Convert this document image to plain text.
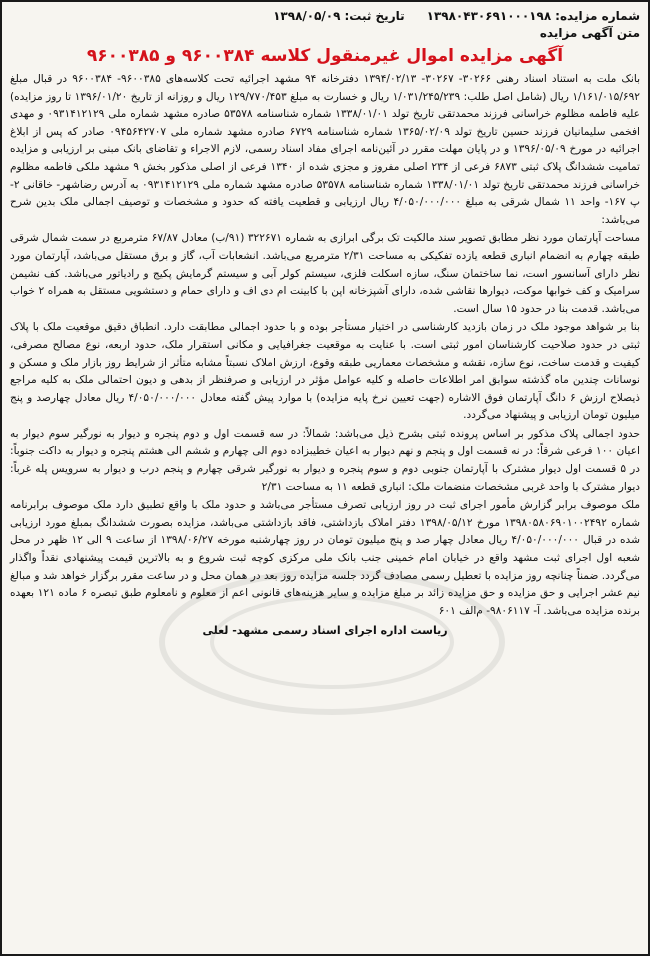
شماره مزایده:
۱۳۹۸۰۴۳۰۶۹۱۰۰۰۱۹۸
تاریخ ثبت:
۱۳۹۸/۰۵/۰۹
متن آگهی مزایده
آگهی مزایده اموال غیرمنقول کلاسه ۹۶۰۰۳۸۴ و ۹۶۰۰۳۸۵

بانک ملت به استناد اسناد رهنی ۳۰۲۶۶- ۳۰۲۶۷- ۱۳۹۴/۰۲/۱۳ دفترخانه ۹۴ مشهد اجرائیه تحت کلاسه‌های ۹۶۰۰۳۸۵- ۹۶۰۰۳۸۴ در قبال مبلغ ۱/۱۶۱/۰۱۵/۶۹۲ ریال (شامل اصل طلب: ۱/۰۳۱/۲۴۵/۲۳۹ ریال و خسارت به مبلغ ۱۲۹/۷۷۰/۴۵۳ ریال و روزانه از تاریخ ۱۳۹۶/۰۱/۲۰ تا روز مزایده) علیه فاطمه مظلوم خراسانی فرزند محمدتقی تاریخ تولد ۱۳۳۸/۰۱/۰۱ شماره شناسنامه ۵۳۵۷۸ صادره مشهد شماره ملی ۰۹۳۱۴۱۲۱۲۹ و مهدی افخمی سلیمانیان فرزند حسین تاریخ تولد ۱۳۶۵/۰۲/۰۹ شماره شناسنامه ۶۷۲۹ صادره مشهد شماره ملی ۰۹۴۵۶۴۲۷۰۷ صادر که پس از ابلاغ اجرائیه در مورخ ۱۳۹۶/۰۵/۰۹ و در پایان مهلت مقرر در آئین‌نامه اجرای مفاد اسناد رسمی، لازم الاجراء و تقاضای بانک مبنی بر ارزیابی و مزایده تمامیت ششدانگ پلاک ثبتی ۶۸۷۳ فرعی از ۲۳۴ اصلی مفروز و مجزی شده از ۱۳۴۰ فرعی از اصلی مذکور بخش ۹ مشهد ملکی فاطمه مظلوم خراسانی فرزند محمدتقی تاریخ تولد ۱۳۳۸/۰۱/۰۱ شماره شناسنامه ۵۳۵۷۸ صادره مشهد شماره ملی ۰۹۳۱۴۱۲۱۲۹ به آدرس رضاشهر- خاقانی ۲- پ ۱۶۷- واحد ۱۱ شمال شرقی به مبلغ ۴/۰۵۰/۰۰۰/۰۰۰ ریال ارزیابی و قطعیت یافته که حدود و مشخصات و توصیف اجمالی ملک بدین شرح می‌باشد:

مساحت آپارتمان مورد نظر مطابق تصویر سند مالکیت تک برگی ابرازی به شماره ۳۲۲۶۷۱ (۹۱/ب) معادل ۶۷/۸۷ مترمربع در سمت شمال شرقی طبقه چهارم به انضمام انباری قطعه یازده تفکیکی به مساحت ۲/۳۱ مترمربع می‌باشد. انشعابات آب، گاز و برق مستقل می‌باشد، آپارتمان مورد نظر دارای آسانسور است، نما ساختمان سنگ، سازه اسکلت فلزی، سیستم کولر آبی و سیستم گرمایش پکیج و رادیاتور می‌باشد. کف نشیمن سرامیک و کف خوابها موکت، دیوارها نقاشی شده، دارای آشپزخانه اپن با کابینت ام دی اف و دارای حمام و دستشویی مستقل به همراه ۲ خواب می‌باشد. قدمت بنا در حدود ۱۵ سال است.

بنا بر شواهد موجود ملک در زمان بازدید کارشناسی در اختیار مستأجر بوده و با حدود اجمالی مطابقت دارد. انطباق دقیق موقعیت ملک با پلاک ثبتی در حدود صلاحیت کارشناسان امور ثبتی است. با عنایت به موقعیت جغرافیایی و مکانی استقرار ملک، حدود اربعه، نوع مصالح مصرفی، کیفیت و قدمت ساخت، نوع سازه، نقشه و مشخصات معماریی طبقه وقوع، ارزش املاک نسبتاً مشابه متأثر از شرایط روز بازار ملک و مسکن و نوسانات چندین ماه گذشته سوابق امر اطلاعات حاصله و کلیه عوامل مؤثر در ارزیابی و صرفنظر از بدهی و دیون احتمالی ملک به کلیه مراجع ذیصلاح ارزش ۶ دانگ آپارتمان فوق الاشاره (جهت تعیین نرخ پایه مزایده) با موارد پیش گفته معادل ۴/۰۵۰/۰۰۰/۰۰۰ ریال معادل چهارصد و پنج میلیون تومان ارزیابی و پیشنهاد می‌گردد.

حدود اجمالی پلاک مذکور بر اساس پرونده ثبتی بشرح ذیل می‌باشد: شمالاً: در سه قسمت اول و دوم پنجره و دیوار به نورگیر سوم دیوار به اعیان ۱۰۰ فرعی شرقاً: در نه قسمت اول و پنجم و نهم دیوار به اعیان خطیبزاده دوم الی چهارم و ششم الی هشتم پنجره و دیوار به داکت جنوباً: در ۵ قسمت اول دیوار مشترک با آپارتمان جنوبی دوم و سوم پنجره و دیوار به نورگیر شرقی چهارم و پنجم درب و دیوار به سرویس پله غرباً: دیوار مشترک با واحد غربی مشخصات منضمات ملک: انباری قطعه ۱۱ به مساحت ۲/۳۱

ملک موصوف برابر گزارش مأمور اجرای ثبت در روز ارزیابی تصرف مستأجر می‌باشد و حدود ملک با واقع تطبیق دارد ملک موصوف برابرنامه شماره ۱۳۹۸۰۵۸۰۶۹۰۱۰۰۲۴۹۲ مورخ ۱۳۹۸/۰۵/۱۲ دفتر املاک بازداشتی، فاقد بازداشتی می‌باشد، مزایده بصورت ششدانگ بمبلغ مورد ارزیابی شده در قبال ۴/۰۵۰/۰۰۰/۰۰۰ ریال معادل چهار صد و پنج میلیون تومان در روز چهارشنبه مورخه ۱۳۹۸/۰۶/۲۷ از ساعت ۹ الی ۱۲ ظهر در محل شعبه اول اجرای ثبت مشهد واقع در خیابان امام خمینی جنب بانک ملی مرکزی کوچه ثبت شروع و به بالاترین قیمت پیشنهادی نقداً واگذار می‌گردد. ضمناً چنانچه روز مزایده با تعطیل رسمی مصادف گردد جلسه مزایده روز بعد در همان محل و در ساعت مقرر برگزار خواهد شد و مبالغ نیم عشر اجرایی و حق مزایده و حق مزایده زائد بر مبلغ مزایده و سایر هزینه‌های قانونی اعم از معلوم و نامعلوم طبق تبصره ۶ ماده ۱۲۱ بعهده برنده مزایده می‌باشد. آ- ۹۸۰۶۱۱۷- م‌الف ۶۰۱

ریاست اداره اجرای اسناد رسمی مشهد- لعلی
